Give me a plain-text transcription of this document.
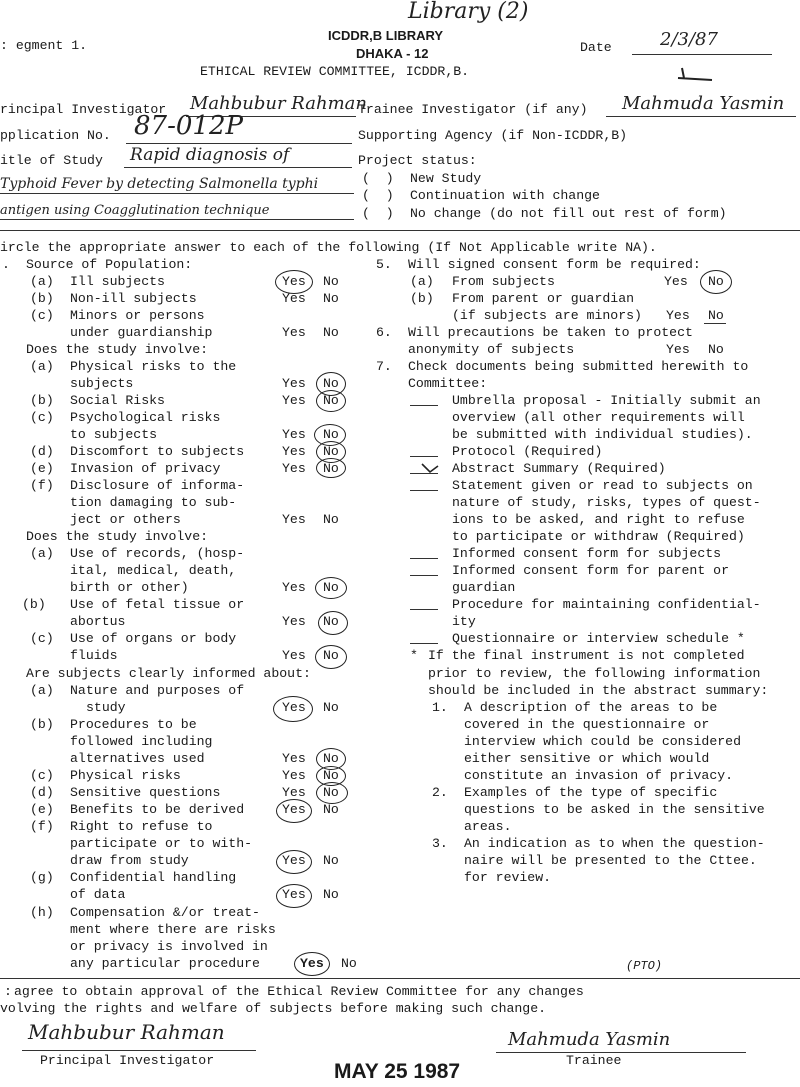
Library (2)
: egment 1.
ICDDR,B LIBRARY
DHAKA - 12
ETHICAL REVIEW COMMITTEE, ICDDR,B.
Date	2/3/87
rincipal Investigator Mahbubur Rahman
Trainee Investigator (if any) Mahmuda Yasmin
pplication No. 87-012P	Supporting Agency (if Non-ICDDR,B)
itle of Study Rapid diagnosis of
Typhoid Fever by detecting Salmonella typhi
antigen using Coagglutination technique
Project status:
(  ) New Study
(  ) Continuation with change
(  ) No change (do not fill out rest of form)
ircle the appropriate answer to each of the following (If Not Applicable write NA).
. Source of Population:
(a) Ill subjects	Yes No
(b) Non-ill subjects	Yes No
(c) Minors or persons
under guardianship	Yes No
Does the study involve:
(a) Physical risks to the
subjects	Yes No
(b) Social Risks	Yes No
(c) Psychological risks
to subjects	Yes No
(d) Discomfort to subjects	Yes No
(e) Invasion of privacy	Yes No
(f) Disclosure of informa-
tion damaging to sub-
ject or others	Yes No
Does the study involve:
(a) Use of records, (hosp-
ital, medical, death,
birth or other)	Yes No
(b) Use of fetal tissue or
abortus	Yes No
(c) Use of organs or body
fluids	Yes No
Are subjects clearly informed about:
(a) Nature and purposes of
study	Yes No
(b) Procedures to be
followed including
alternatives used	Yes No
(c) Physical risks	Yes No
(d) Sensitive questions	Yes No
(e) Benefits to be derived	Yes No
(f) Right to refuse to
participate or to with-
draw from study	Yes No
(g) Confidential handling
of data	Yes No
(h) Compensation &/or treat-
ment where there are risks
or privacy is involved in
any particular procedure	Yes No
5. Will signed consent form be required:
(a) From subjects	Yes No
(b) From parent or guardian
(if subjects are minors) Yes No
6. Will precautions be taken to protect
anonymity of subjects	Yes No
7. Check documents being submitted herewith to
Committee:
Umbrella proposal - Initially submit an
overview (all other requirements will
be submitted with individual studies).
Protocol (Required)
Abstract Summary (Required)
Statement given or read to subjects on
nature of study, risks, types of quest-
ions to be asked, and right to refuse
to participate or withdraw (Required)
Informed consent form for subjects
Informed consent form for parent or
guardian
Procedure for maintaining confidential-
ity
Questionnaire or interview schedule *
* If the final instrument is not completed
prior to review, the following information
should be included in the abstract summary:
1. A description of the areas to be
covered in the questionnaire or
interview which could be considered
either sensitive or which would
constitute an invasion of privacy.
2. Examples of the type of specific
questions to be asked in the sensitive
areas.
3. An indication as to when the question-
naire will be presented to the Cttee.
for review.
(PTO)
: agree to obtain approval of the Ethical Review Committee for any changes
volving the rights and welfare of subjects before making such change.
Mahbubur Rahman
Principal Investigator
Mahmuda Yasmin
Trainee
MAY 25 1987
